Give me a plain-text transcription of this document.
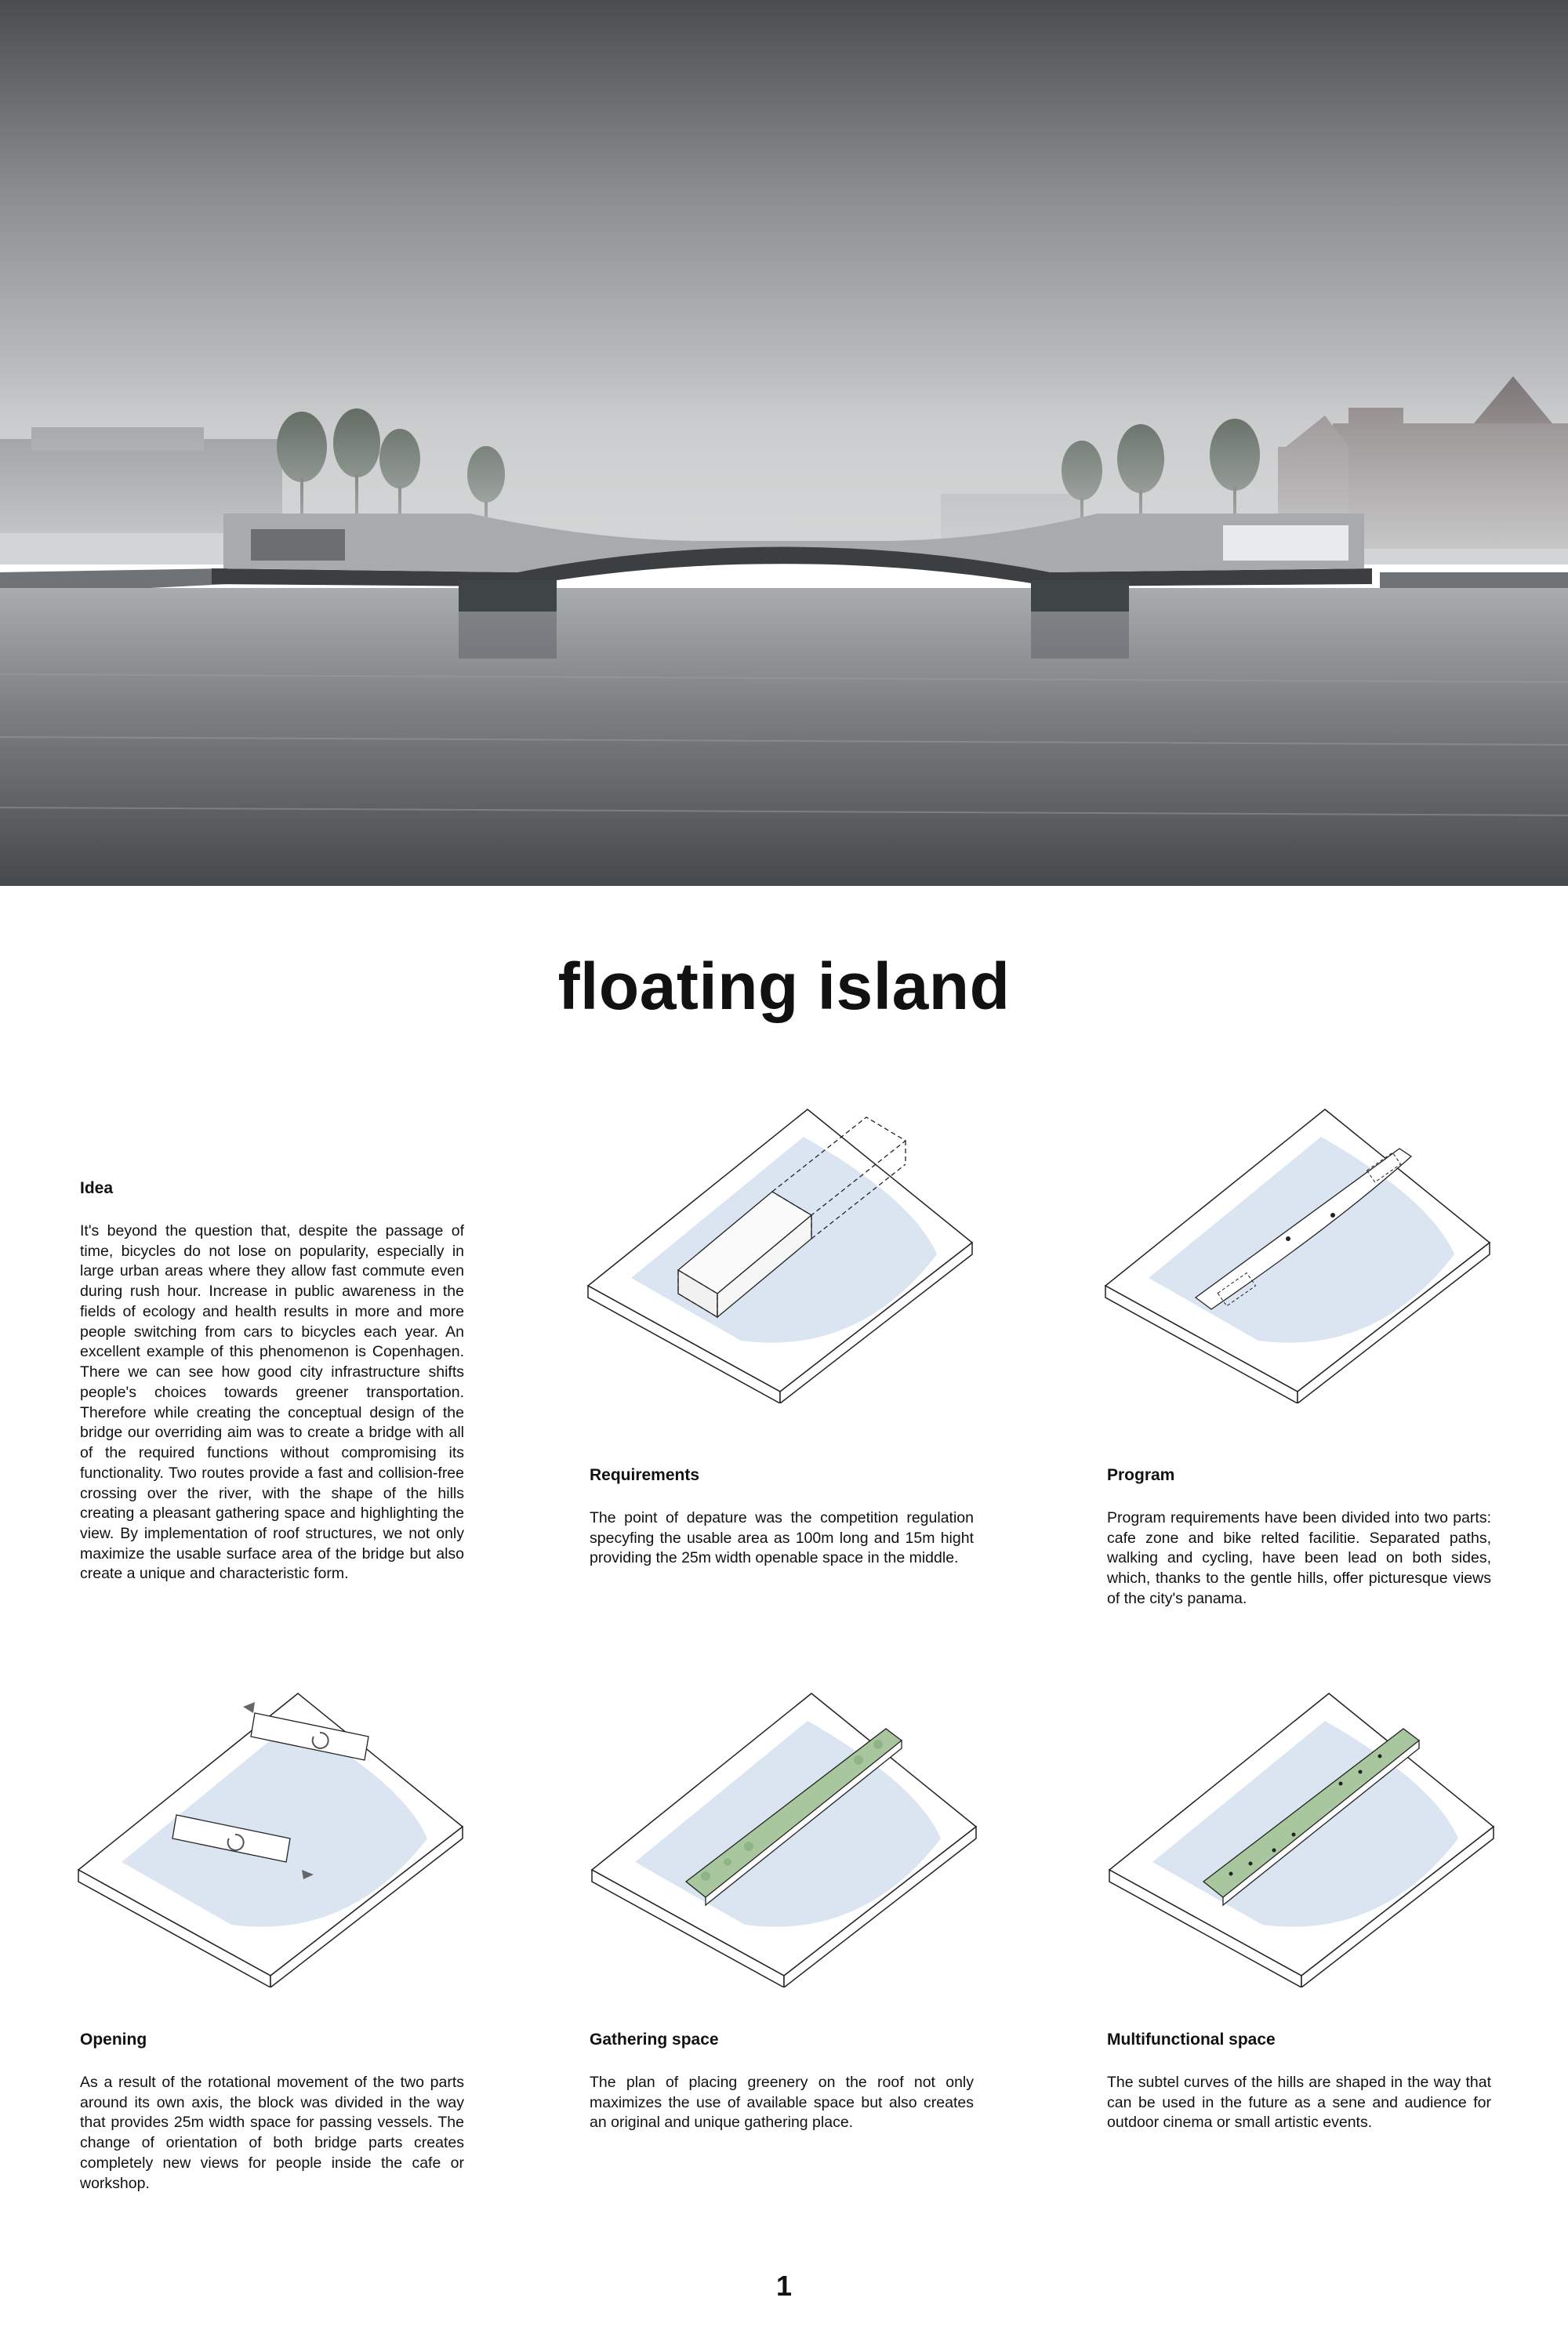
floating island
Idea

It's beyond the question that, despite the passage of time, bicycles do not lose on popularity, especially in large urban areas where they allow fast commute even during rush hour. Increase in public awareness in the fields of ecology and health results in more and more people switching from cars to bicycles each year. An excellent example of this phenomenon is Copenhagen. There we can see how good city infrastructure shifts people's choices towards greener transportation. Therefore while creating the conceptual design of the bridge our overriding aim was to create a bridge with all of the required functions without compromising its functionality. Two routes provide a fast and collision-free crossing over the river, with the shape of the hills creating a pleasant gathering space and highlighting the view. By implementation of roof structures, we not only maximize the usable surface area of the bridge but also create a unique and characteristic form.

Requirements

The point of depature was the competition regulation specyfing the usable area as 100m long and 15m hight providing the 25m width openable space in the middle.

Program

Program requirements have been divided into two parts: cafe zone and bike relted facilitie. Separated paths, walking and cycling, have been lead on both sides, which, thanks to the gentle hills, offer picturesque views of the city's panama.

Opening

As a result of the rotational movement of the two parts around its own axis, the block was divided in the way that provides 25m width space for passing vessels. The change of orientation of both bridge parts creates completely new views for people inside the cafe or workshop.

Gathering space

The plan of placing greenery on the roof not only maximizes the use of available space but also creates an original and unique gathering place.

Multifunctional space

The subtel curves of the hills are shaped in the way that can be used in the future as a sene and audience for outdoor cinema or small artistic events.

1
